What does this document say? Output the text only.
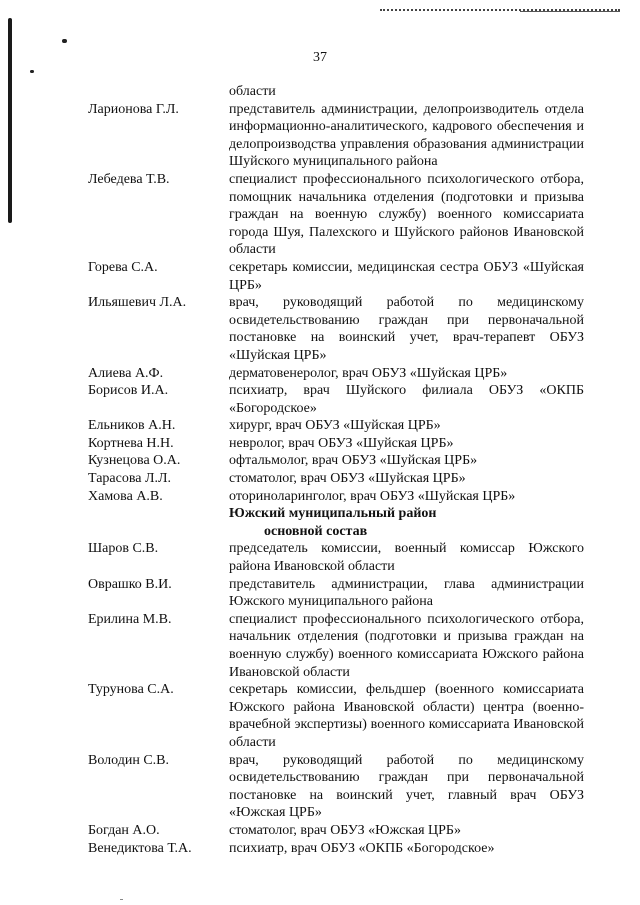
37
области
Ларионова Г.Л.	представитель администрации, делопроизводитель отдела информационно-аналитического, кадрового обеспечения и делопроизводства управления образования администрации Шуйского муниципального района
Лебедева Т.В.	специалист профессионального психологического отбора, помощник начальника отделения (подготовки и призыва граждан на военную службу) военного комиссариата города Шуя, Палехского и Шуйского районов Ивановской области
Горева С.А.	секретарь комиссии, медицинская сестра ОБУЗ «Шуйская ЦРБ»
Ильяшевич Л.А.	врач, руководящий работой по медицинскому освидетельствованию граждан при первоначальной постановке на воинский учет, врач-терапевт ОБУЗ «Шуйская ЦРБ»
Алиева А.Ф.	дерматовенеролог, врач ОБУЗ «Шуйская ЦРБ»
Борисов И.А.	психиатр, врач Шуйского филиала ОБУЗ «ОКПБ «Богородское»
Ельников А.Н.	хирург, врач ОБУЗ «Шуйская ЦРБ»
Кортнева Н.Н.	невролог, врач ОБУЗ «Шуйская ЦРБ»
Кузнецова О.А.	офтальмолог, врач ОБУЗ «Шуйская ЦРБ»
Тарасова Л.Л.	стоматолог, врач ОБУЗ «Шуйская ЦРБ»
Хамова А.В.	оториноларинголог, врач ОБУЗ «Шуйская ЦРБ»
Южский муниципальный район
основной состав
Шаров С.В.	председатель комиссии, военный комиссар Южского района Ивановской области
Оврашко В.И.	представитель администрации, глава администрации Южского муниципального района
Ерилина М.В.	специалист профессионального психологического отбора, начальник отделения (подготовки и призыва граждан на военную службу) военного комиссариата Южского района Ивановской области
Турунова С.А.	секретарь комиссии, фельдшер (военного комиссариата Южского района Ивановской области) центра (военно-врачебной экспертизы) военного комиссариата Ивановской области
Володин С.В.	врач, руководящий работой по медицинскому освидетельствованию граждан при первоначальной постановке на воинский учет, главный врач ОБУЗ «Южская ЦРБ»
Богдан А.О.	стоматолог, врач ОБУЗ «Южская ЦРБ»
Венедиктова Т.А.	психиатр, врач ОБУЗ «ОКПБ «Богородское»
